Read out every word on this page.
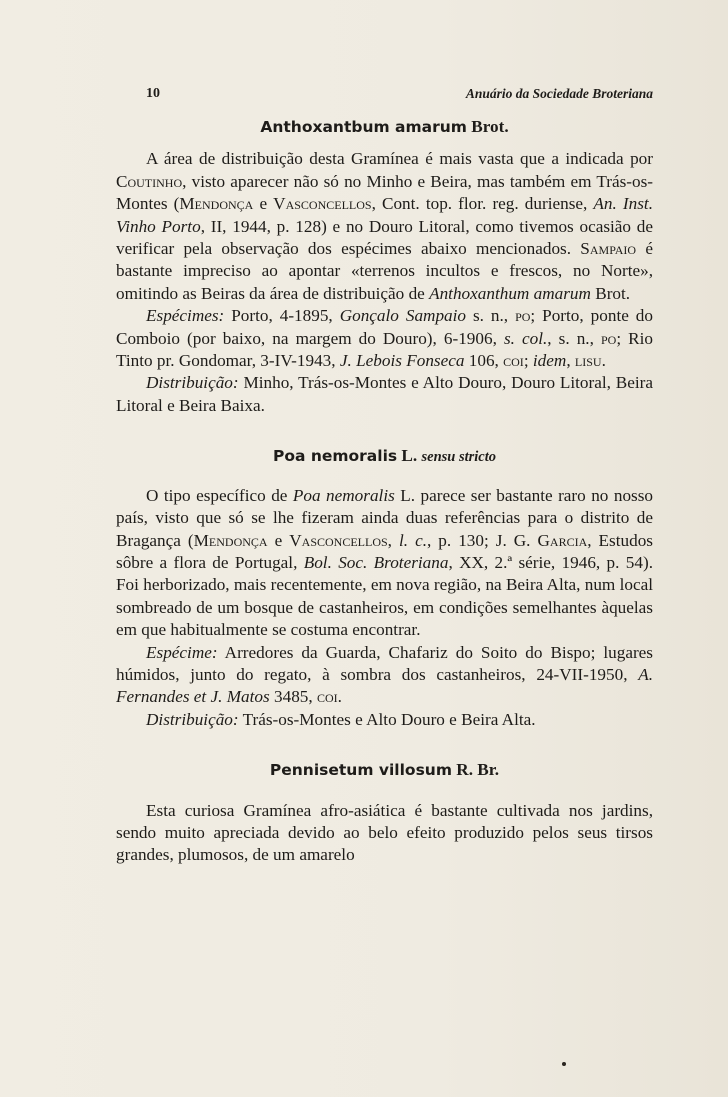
10	Anuário da Sociedade Broteriana
Anthoxantbum amarum Brot.

A área de distribuição desta Gramínea é mais vasta que a indicada por Coutinho, visto aparecer não só no Minho e Beira, mas também em Trás-os-Montes (Mendonça e Vasconcellos, Cont. top. flor. reg. duriense, An. Inst. Vinho Porto, II, 1944, p. 128) e no Douro Litoral, como tivemos ocasião de verificar pela observação dos espécimes abaixo mencionados. Sampaio é bastante impreciso ao apontar «terrenos incultos e frescos, no Norte», omitindo as Beiras da área de distribuição de Anthoxanthum amarum Brot.

Espécimes: Porto, 4-1895, Gonçalo Sampaio s. n., po; Porto, ponte do Comboio (por baixo, na margem do Douro), 6-1906, s. col., s. n., po; Rio Tinto pr. Gondomar, 3-IV-1943, J. Lebois Fonseca 106, coi; idem, lisu.

Distribuição: Minho, Trás-os-Montes e Alto Douro, Douro Litoral, Beira Litoral e Beira Baixa.

Poa nemoralis L. sensu stricto

O tipo específico de Poa nemoralis L. parece ser bastante raro no nosso país, visto que só se lhe fizeram ainda duas referências para o distrito de Bragança (Mendonça e Vasconcellos, l. c., p. 130; J. G. Garcia, Estudos sôbre a flora de Portugal, Bol. Soc. Broteriana, XX, 2.ª série, 1946, p. 54). Foi herborizado, mais recentemente, em nova região, na Beira Alta, num local sombreado de um bosque de castanheiros, em condições semelhantes àquelas em que habitualmente se costuma encontrar.

Espécime: Arredores da Guarda, Chafariz do Soito do Bispo; lugares húmidos, junto do regato, à sombra dos castanheiros, 24-VII-1950, A. Fernandes et J. Matos 3485, coi.

Distribuição: Trás-os-Montes e Alto Douro e Beira Alta.

Pennisetum villosum R. Br.

Esta curiosa Gramínea afro-asiática é bastante cultivada nos jardins, sendo muito apreciada devido ao belo efeito produzido pelos seus tirsos grandes, plumosos, de um amarelo
